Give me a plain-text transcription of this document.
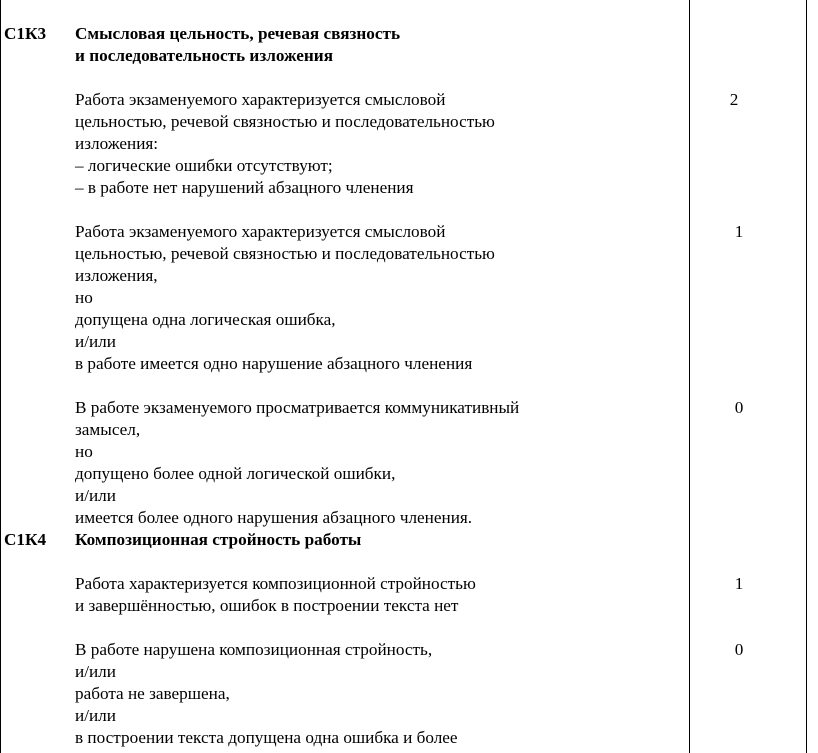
С1К3 Смысловая цельность, речевая связность
и последовательность изложения
Работа экзаменуемого характеризуется смысловой
цельностью, речевой связностью и последовательностью
изложения:
– логические ошибки отсутствуют;
– в работе нет нарушений абзацного членения
2
Работа экзаменуемого характеризуется смысловой
цельностью, речевой связностью и последовательностью
изложения,
но
допущена одна логическая ошибка,
и/или
в работе имеется одно нарушение абзацного членения
1
В работе экзаменуемого просматривается коммуникативный
замысел,
но
допущено более одной логической ошибки,
и/или
имеется более одного нарушения абзацного членения.
0
С1К4 Композиционная стройность работы
Работа характеризуется композиционной стройностью
и завершённостью, ошибок в построении текста нет
1
В работе нарушена композиционная стройность,
и/или
работа не завершена,
и/или
в построении текста допущена одна ошибка и более
0
